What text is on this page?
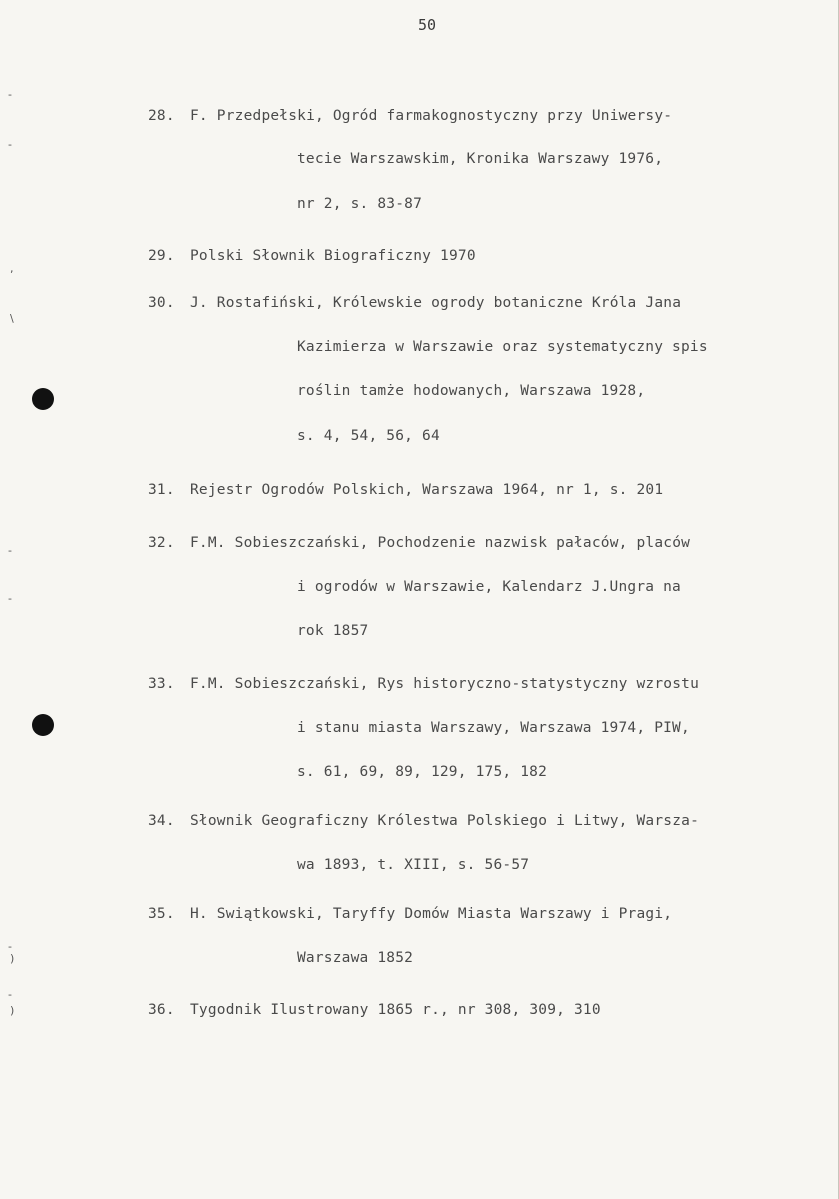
50
-
-
,
\
-
-
-
)
-
)
28. F. Przedpełski, Ogród farmakognostyczny przy Uniwersy-
tecie Warszawskim, Kronika Warszawy 1976,
nr 2, s. 83-87
29. Polski Słownik Biograficzny 1970
30. J. Rostafiński, Królewskie ogrody botaniczne Króla Jana
Kazimierza w Warszawie oraz systematyczny spis
roślin tamże hodowanych, Warszawa 1928,
s. 4, 54, 56, 64
31. Rejestr Ogrodów Polskich, Warszawa 1964, nr 1, s. 201
32. F.M. Sobieszczański, Pochodzenie nazwisk pałaców, placów
i ogrodów w Warszawie, Kalendarz J.Ungra na
rok 1857
33. F.M. Sobieszczański, Rys historyczno-statystyczny wzrostu
i stanu miasta Warszawy, Warszawa 1974, PIW,
s. 61, 69, 89, 129, 175, 182
34. Słownik Geograficzny Królestwa Polskiego i Litwy, Warsza-
wa 1893, t. XIII, s. 56-57
35. H. Swiątkowski, Taryffy Domów Miasta Warszawy i Pragi,
Warszawa 1852
36. Tygodnik Ilustrowany 1865 r., nr 308, 309, 310
